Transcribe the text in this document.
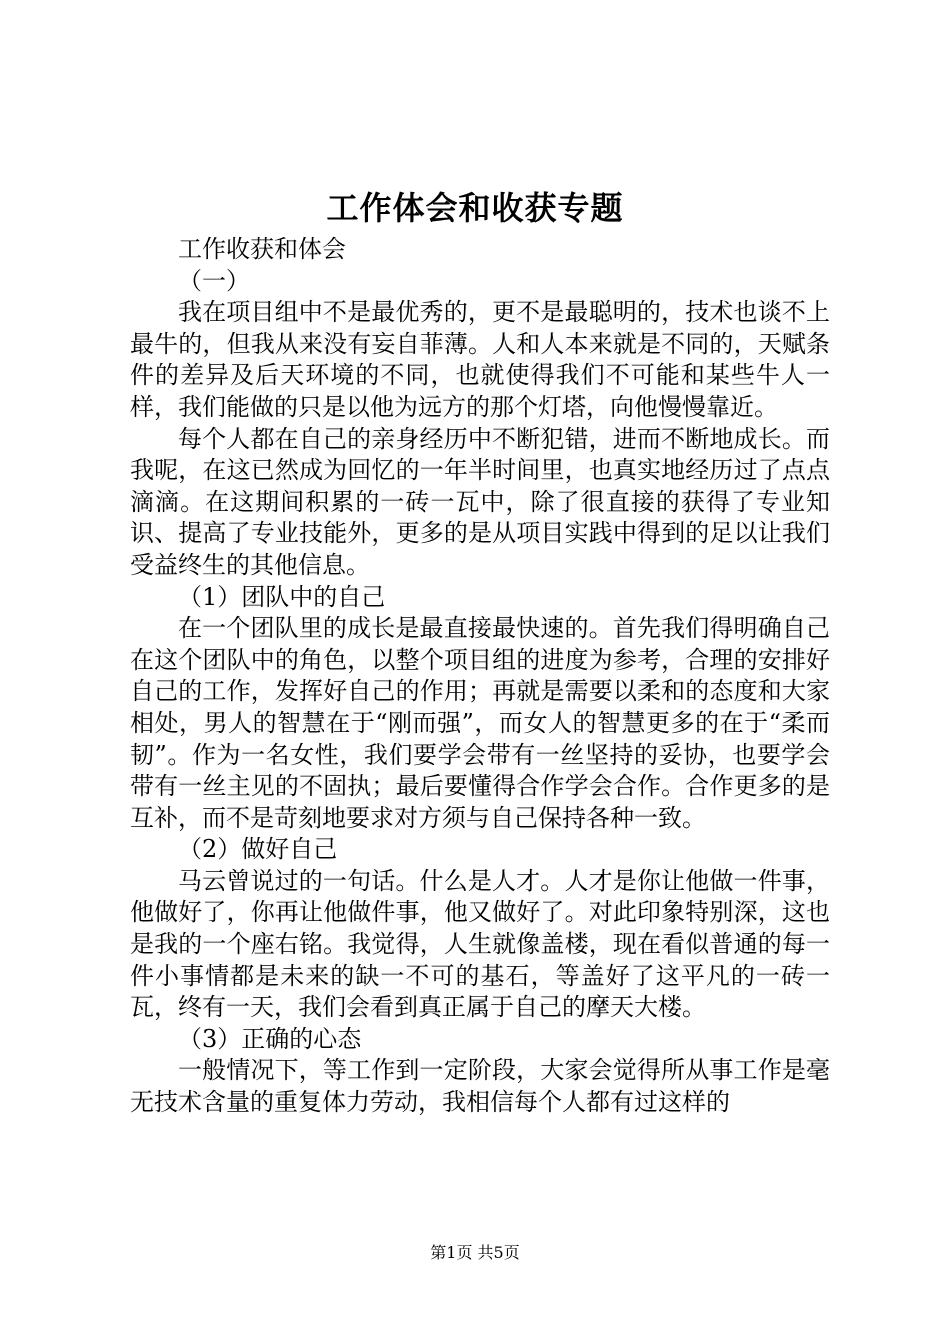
工作体会和收获专题

工作收获和体会

（一）

我在项目组中不是最优秀的，更不是最聪明的，技术也谈不上最牛的，但我从来没有妄自菲薄。人和人本来就是不同的，天赋条件的差异及后天环境的不同，也就使得我们不可能和某些牛人一样，我们能做的只是以他为远方的那个灯塔，向他慢慢靠近。

每个人都在自己的亲身经历中不断犯错，进而不断地成长。而我呢，在这已然成为回忆的一年半时间里，也真实地经历过了点点滴滴。在这期间积累的一砖一瓦中，除了很直接的获得了专业知识、提高了专业技能外，更多的是从项目实践中得到的足以让我们受益终生的其他信息。

（1）团队中的自己

在一个团队里的成长是最直接最快速的。首先我们得明确自己在这个团队中的角色，以整个项目组的进度为参考，合理的安排好自己的工作，发挥好自己的作用；再就是需要以柔和的态度和大家相处，男人的智慧在于“刚而强”，而女人的智慧更多的在于“柔而韧”。作为一名女性，我们要学会带有一丝坚持的妥协，也要学会带有一丝主见的不固执；最后要懂得合作学会合作。合作更多的是互补，而不是苛刻地要求对方须与自己保持各种一致。

（2）做好自己

马云曾说过的一句话。什么是人才。人才是你让他做一件事，他做好了，你再让他做件事，他又做好了。对此印象特别深，这也是我的一个座右铭。我觉得，人生就像盖楼，现在看似普通的每一件小事情都是未来的缺一不可的基石，等盖好了这平凡的一砖一瓦，终有一天，我们会看到真正属于自己的摩天大楼。

（3）正确的心态

一般情况下，等工作到一定阶段，大家会觉得所从事工作是毫无技术含量的重复体力劳动，我相信每个人都有过这样的

第1页 共5页
